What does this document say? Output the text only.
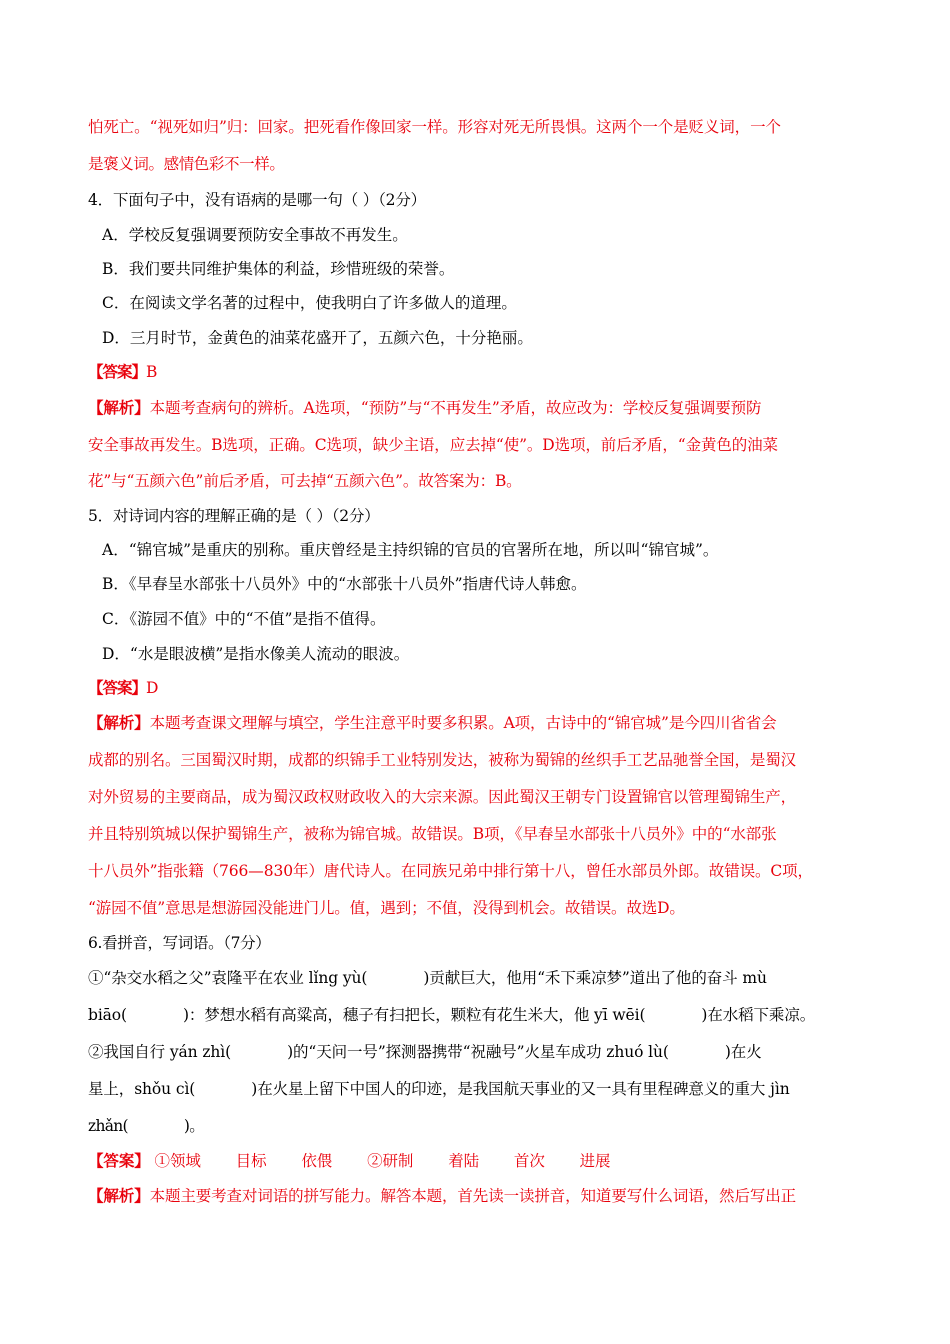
怕死亡。“视死如归”归：回家。把死看作像回家一样。形容对死无所畏惧。这两个一个是贬义词，一个
是褒义词。感情色彩不一样。
4．下面句子中，没有语病的是哪一句（ ）（2分）
A．学校反复强调要预防安全事故不再发生。
B．我们要共同维护集体的利益，珍惜班级的荣誉。
C．在阅读文学名著的过程中，使我明白了许多做人的道理。
D．三月时节，金黄色的油菜花盛开了，五颜六色，十分艳丽。
【答案】B
【解析】本题考查病句的辨析。A选项，“预防”与“不再发生”矛盾，故应改为：学校反复强调要预防
安全事故再发生。B选项，正确。C选项，缺少主语，应去掉“使”。D选项，前后矛盾，“金黄色的油菜
花”与“五颜六色”前后矛盾，可去掉“五颜六色”。故答案为：B。
5．对诗词内容的理解正确的是（ ）（2分）
A．“锦官城”是重庆的别称。重庆曾经是主持织锦的官员的官署所在地，所以叫“锦官城”。
B．《早春呈水部张十八员外》中的“水部张十八员外”指唐代诗人韩愈。
C．《游园不值》中的“不值”是指不值得。
D．“水是眼波横”是指水像美人流动的眼波。
【答案】D
【解析】本题考查课文理解与填空，学生注意平时要多积累。A项，古诗中的“锦官城”是今四川省省会
成都的别名。三国蜀汉时期，成都的织锦手工业特别发达，被称为蜀锦的丝织手工艺品驰誉全国，是蜀汉
对外贸易的主要商品，成为蜀汉政权财政收入的大宗来源。因此蜀汉王朝专门设置锦官以管理蜀锦生产，
并且特别筑城以保护蜀锦生产，被称为锦官城。故错误。B项，《早春呈水部张十八员外》中的“水部张
十八员外”指张籍（766—830年）唐代诗人。在同族兄弟中排行第十八，曾任水部员外郎。故错误。C项，
“游园不值”意思是想游园没能进门儿。值，遇到；不值，没得到机会。故错误。故选D。
6.看拼音，写词语。（7分）
①“杂交水稻之父”袁隆平在农业 lǐng yù(	)贡献巨大，他用“禾下乘凉梦”道出了他的奋斗 mù
biāo(	)：梦想水稻有高粱高，穗子有扫把长，颗粒有花生米大，他 yī wēi(	)在水稻下乘凉。
②我国自行 yán zhì(	)的“天问一号”探测器携带“祝融号”火星车成功 zhuó lù(	)在火
星上，shǒu cì(	)在火星上留下中国人的印迹，是我国航天事业的又一具有里程碑意义的重大 jìn
zhǎn(	)。
【答案】 ①领域 目标 依偎 ②研制 着陆 首次 进展
【解析】本题主要考查对词语的拼写能力。解答本题，首先读一读拼音，知道要写什么词语，然后写出正
